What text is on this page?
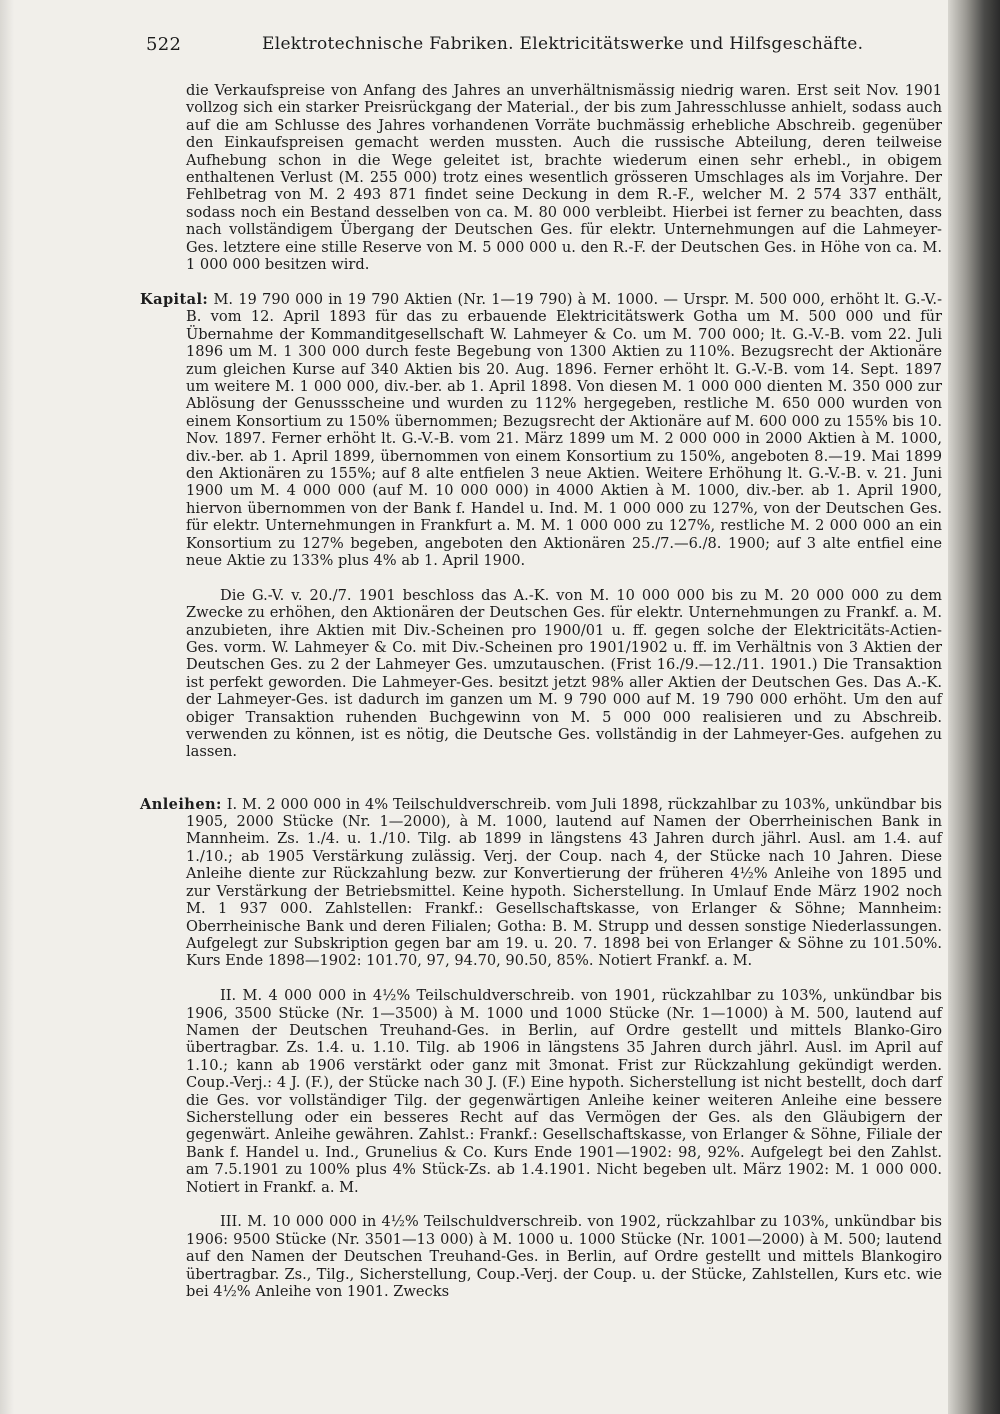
522	Elektrotechnische Fabriken. Elektricitätswerke und Hilfsgeschäfte.
die Verkaufspreise von Anfang des Jahres an unverhältnismässig niedrig waren. Erst seit Nov. 1901 vollzog sich ein starker Preisrückgang der Material., der bis zum Jahresschlusse anhielt, sodass auch auf die am Schlusse des Jahres vorhandenen Vorräte buchmässig erhebliche Abschreib. gegenüber den Einkaufspreisen gemacht werden mussten. Auch die russische Abteilung, deren teilweise Aufhebung schon in die Wege geleitet ist, brachte wiederum einen sehr erhebl., in obigem enthaltenen Verlust (M. 255 000) trotz eines wesentlich grösseren Umschlages als im Vorjahre. Der Fehlbetrag von M. 2 493 871 findet seine Deckung in dem R.-F., welcher M. 2 574 337 enthält, sodass noch ein Bestand desselben von ca. M. 80 000 verbleibt. Hierbei ist ferner zu beachten, dass nach vollständigem Übergang der Deutschen Ges. für elektr. Unternehmungen auf die Lahmeyer-Ges. letztere eine stille Reserve von M. 5 000 000 u. den R.-F. der Deutschen Ges. in Höhe von ca. M. 1 000 000 besitzen wird.

Kapital: M. 19 790 000 in 19 790 Aktien (Nr. 1—19 790) à M. 1000. — Urspr. M. 500 000, erhöht lt. G.-V.-B. vom 12. April 1893 für das zu erbauende Elektricitätswerk Gotha um M. 500 000 und für Übernahme der Kommanditgesellschaft W. Lahmeyer & Co. um M. 700 000; lt. G.-V.-B. vom 22. Juli 1896 um M. 1 300 000 durch feste Begebung von 1300 Aktien zu 110%. Bezugsrecht der Aktionäre zum gleichen Kurse auf 340 Aktien bis 20. Aug. 1896. Ferner erhöht lt. G.-V.-B. vom 14. Sept. 1897 um weitere M. 1 000 000, div.-ber. ab 1. April 1898. Von diesen M. 1 000 000 dienten M. 350 000 zur Ablösung der Genussscheine und wurden zu 112% hergegeben, restliche M. 650 000 wurden von einem Konsortium zu 150% übernommen; Bezugsrecht der Aktionäre auf M. 600 000 zu 155% bis 10. Nov. 1897. Ferner erhöht lt. G.-V.-B. vom 21. März 1899 um M. 2 000 000 in 2000 Aktien à M. 1000, div.-ber. ab 1. April 1899, übernommen von einem Konsortium zu 150%, angeboten 8.—19. Mai 1899 den Aktionären zu 155%; auf 8 alte entfielen 3 neue Aktien. Weitere Erhöhung lt. G.-V.-B. v. 21. Juni 1900 um M. 4 000 000 (auf M. 10 000 000) in 4000 Aktien à M. 1000, div.-ber. ab 1. April 1900, hiervon übernommen von der Bank f. Handel u. Ind. M. 1 000 000 zu 127%, von der Deutschen Ges. für elektr. Unternehmungen in Frankfurt a. M. M. 1 000 000 zu 127%, restliche M. 2 000 000 an ein Konsortium zu 127% begeben, angeboten den Aktionären 25./7.—6./8. 1900; auf 3 alte entfiel eine neue Aktie zu 133% plus 4% ab 1. April 1900.

Die G.-V. v. 20./7. 1901 beschloss das A.-K. von M. 10 000 000 bis zu M. 20 000 000 zu dem Zwecke zu erhöhen, den Aktionären der Deutschen Ges. für elektr. Unternehmungen zu Frankf. a. M. anzubieten, ihre Aktien mit Div.-Scheinen pro 1900/01 u. ff. gegen solche der Elektricitäts-Actien-Ges. vorm. W. Lahmeyer & Co. mit Div.-Scheinen pro 1901/1902 u. ff. im Verhältnis von 3 Aktien der Deutschen Ges. zu 2 der Lahmeyer Ges. umzutauschen. (Frist 16./9.—12./11. 1901.) Die Transaktion ist perfekt geworden. Die Lahmeyer-Ges. besitzt jetzt 98% aller Aktien der Deutschen Ges. Das A.-K. der Lahmeyer-Ges. ist dadurch im ganzen um M. 9 790 000 auf M. 19 790 000 erhöht. Um den auf obiger Transaktion ruhenden Buchgewinn von M. 5 000 000 realisieren und zu Abschreib. verwenden zu können, ist es nötig, die Deutsche Ges. vollständig in der Lahmeyer-Ges. aufgehen zu lassen.

Anleihen: I. M. 2 000 000 in 4% Teilschuldverschreib. vom Juli 1898, rückzahlbar zu 103%, unkündbar bis 1905, 2000 Stücke (Nr. 1—2000), à M. 1000, lautend auf Namen der Oberrheinischen Bank in Mannheim. Zs. 1./4. u. 1./10. Tilg. ab 1899 in längstens 43 Jahren durch jährl. Ausl. am 1.4. auf 1./10.; ab 1905 Verstärkung zulässig. Verj. der Coup. nach 4, der Stücke nach 10 Jahren. Diese Anleihe diente zur Rückzahlung bezw. zur Konvertierung der früheren 4½% Anleihe von 1895 und zur Verstärkung der Betriebsmittel. Keine hypoth. Sicherstellung. In Umlauf Ende März 1902 noch M. 1 937 000. Zahlstellen: Frankf.: Gesellschaftskasse, von Erlanger & Söhne; Mannheim: Oberrheinische Bank und deren Filialen; Gotha: B. M. Strupp und dessen sonstige Niederlassungen. Aufgelegt zur Subskription gegen bar am 19. u. 20. 7. 1898 bei von Erlanger & Söhne zu 101.50%. Kurs Ende 1898—1902: 101.70, 97, 94.70, 90.50, 85%. Notiert Frankf. a. M.

II. M. 4 000 000 in 4½% Teilschuldverschreib. von 1901, rückzahlbar zu 103%, unkündbar bis 1906, 3500 Stücke (Nr. 1—3500) à M. 1000 und 1000 Stücke (Nr. 1—1000) à M. 500, lautend auf Namen der Deutschen Treuhand-Ges. in Berlin, auf Ordre gestellt und mittels Blanko-Giro übertragbar. Zs. 1.4. u. 1.10. Tilg. ab 1906 in längstens 35 Jahren durch jährl. Ausl. im April auf 1.10.; kann ab 1906 verstärkt oder ganz mit 3monat. Frist zur Rückzahlung gekündigt werden. Coup.-Verj.: 4 J. (F.), der Stücke nach 30 J. (F.) Eine hypoth. Sicherstellung ist nicht bestellt, doch darf die Ges. vor vollständiger Tilg. der gegenwärtigen Anleihe keiner weiteren Anleihe eine bessere Sicherstellung oder ein besseres Recht auf das Vermögen der Ges. als den Gläubigern der gegenwärt. Anleihe gewähren. Zahlst.: Frankf.: Gesellschaftskasse, von Erlanger & Söhne, Filiale der Bank f. Handel u. Ind., Grunelius & Co. Kurs Ende 1901—1902: 98, 92%. Aufgelegt bei den Zahlst. am 7.5.1901 zu 100% plus 4% Stück-Zs. ab 1.4.1901. Nicht begeben ult. März 1902: M. 1 000 000. Notiert in Frankf. a. M.

III. M. 10 000 000 in 4½% Teilschuldverschreib. von 1902, rückzahlbar zu 103%, unkündbar bis 1906: 9500 Stücke (Nr. 3501—13 000) à M. 1000 u. 1000 Stücke (Nr. 1001—2000) à M. 500; lautend auf den Namen der Deutschen Treuhand-Ges. in Berlin, auf Ordre gestellt und mittels Blankogiro übertragbar. Zs., Tilg., Sicherstellung, Coup.-Verj. der Coup. u. der Stücke, Zahlstellen, Kurs etc. wie bei 4½% Anleihe von 1901. Zwecks
